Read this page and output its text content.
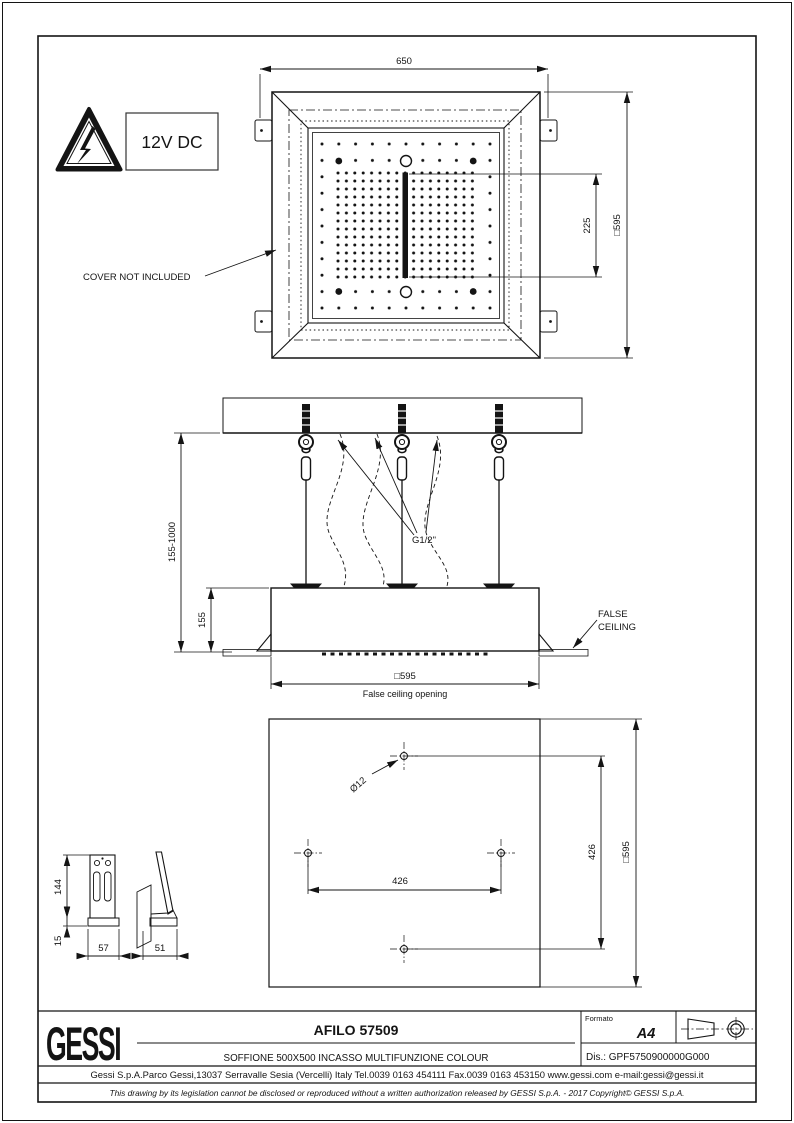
12V DC
650
□595
225
COVER NOT INCLUDED
G1/2"
155-1000
155
□595
False ceiling opening
FALSE
CEILING
Ø12
426
426 □595
144
15
57	51
GESSI	AFILO 57509
SOFFIONE 500X500 INCASSO MULTIFUNZIONE COLOUR
Formato
A4
Dis.: GPF5750900000G000
Gessi S.p.A.Parco Gessi,13037 Serravalle Sesia (Vercelli) Italy Tel.0039 0163 454111 Fax.0039 0163 453150 www.gessi.com e-mail:gessi@gessi.it
This drawing by its legislation cannot be disclosed or reproduced without a written authorization released by GESSI S.p.A. - 2017 Copyright© GESSI S.p.A.
